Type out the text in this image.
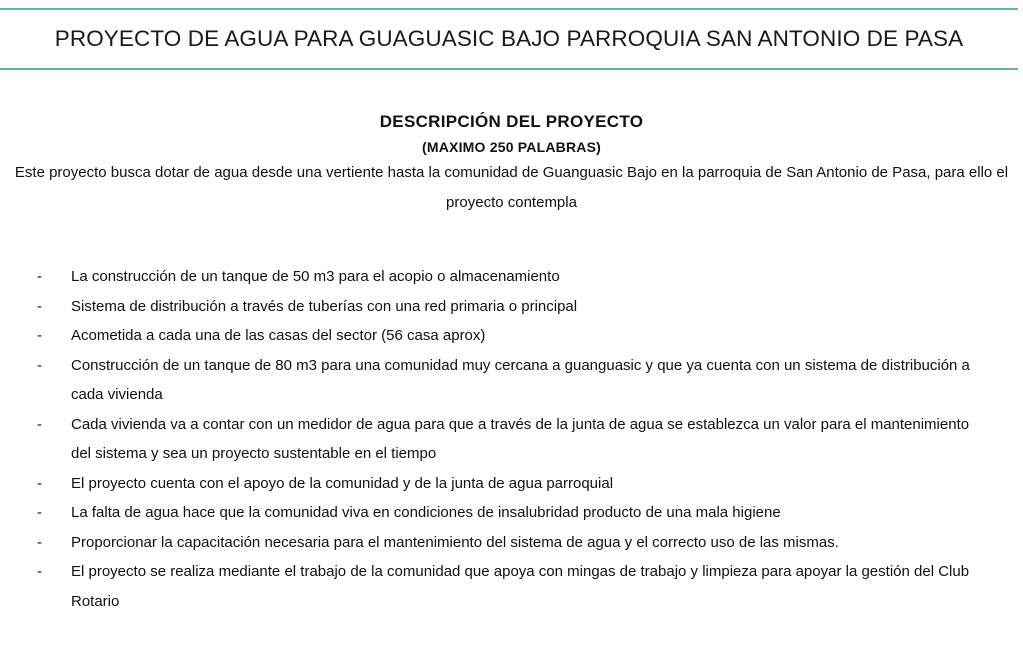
PROYECTO DE AGUA PARA GUAGUASIC BAJO PARROQUIA SAN ANTONIO DE PASA
DESCRIPCIÓN DEL PROYECTO
(MAXIMO 250 PALABRAS)

Este proyecto busca dotar de agua desde una vertiente hasta la comunidad de Guanguasic Bajo en la parroquia de San Antonio de Pasa, para ello el proyecto contempla

- La construcción de un tanque de 50 m3 para el acopio o almacenamiento
- Sistema de distribución a través de tuberías con una red primaria o principal
- Acometida a cada una de las casas del sector (56 casa aprox)
- Construcción de un tanque de 80 m3 para una comunidad muy cercana a guanguasic y que ya cuenta con un sistema de distribución a cada vivienda
- Cada vivienda va a contar con un medidor de agua para que a través de la junta de agua se establezca un valor para el mantenimiento del sistema y sea un proyecto sustentable en el tiempo
- El proyecto cuenta con el apoyo de la comunidad y de la junta de agua parroquial
- La falta de agua hace que la comunidad viva en condiciones de insalubridad producto de una mala higiene
- Proporcionar la capacitación necesaria para el mantenimiento del sistema de agua y el correcto uso de las mismas.
- El proyecto se realiza mediante el trabajo de la comunidad que apoya con mingas de trabajo y limpieza para apoyar la gestión del Club Rotario
